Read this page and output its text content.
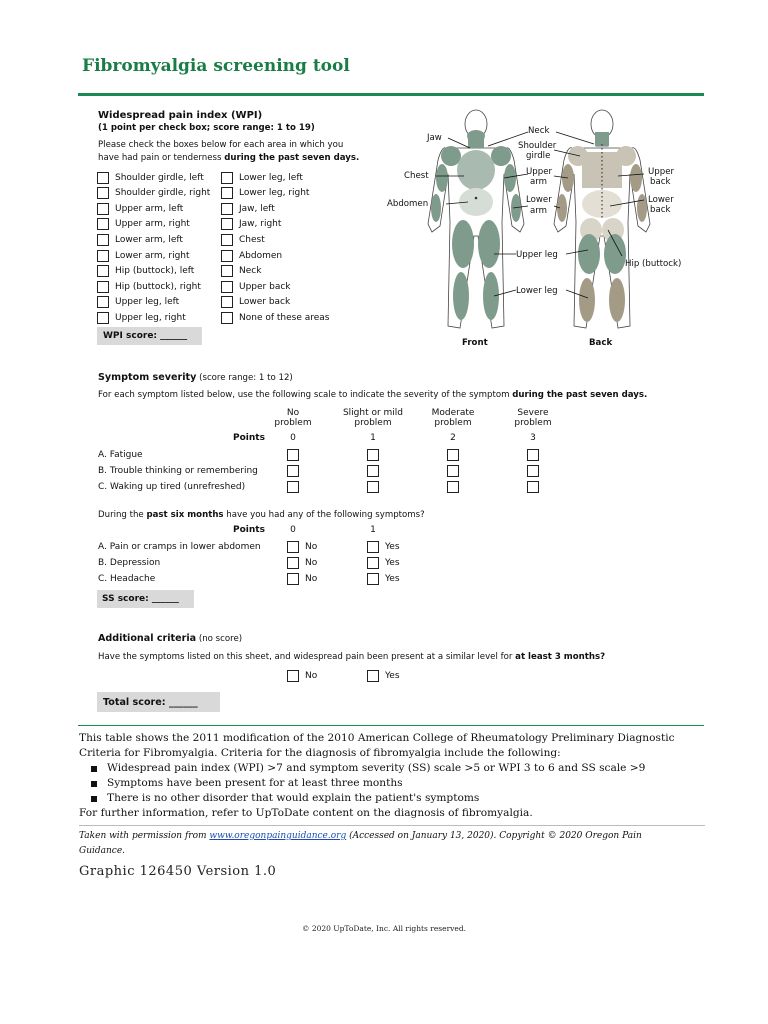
Fibromyalgia screening tool
Widespread pain index (WPI)
(1 point per check box; score range: 1 to 19)
Please check the boxes below for each area in which you
have had pain or tenderness during the past seven days.
Shoulder girdle, left
Shoulder girdle, right
Upper arm, left
Upper arm, right
Lower arm, left
Lower arm, right
Hip (buttock), left
Hip (buttock), right
Upper leg, left
Upper leg, right
Lower leg, left
Lower leg, right
Jaw, left
Jaw, right
Chest
Abdomen
Neck
Upper back
Lower back
None of these areas
WPI score: ______
Jaw
Neck
Shoulder
girdle
Chest	Upper
arm
Abdomen	Lower
arm
Upper
back
Lower
back
Upper leg
Hip (buttock)
Lower leg
Front	Back
Symptom severity (score range: 1 to 12)
For each symptom listed below, use the following scale to indicate the severity of the symptom during the past seven days.
No
problem
Slight or mild
problem
Moderate
problem
Severe
problem
Points	0	1	2	3
A. Fatigue
B. Trouble thinking or remembering
C. Waking up tired (unrefreshed)
During the past six months have you had any of the following symptoms?
Points	0	1
A. Pain or cramps in lower abdomen	No	Yes
B. Depression	No	Yes
C. Headache	No	Yes
SS score: ______
Additional criteria (no score)
Have the symptoms listed on this sheet, and widespread pain been present at a similar level for at least 3 months?
No	Yes
Total score: ______
This table shows the 2011 modification of the 2010 American College of Rheumatology Preliminary Diagnostic Criteria for Fibromyalgia. Criteria for the diagnosis of fibromyalgia include the following:
Widespread pain index (WPI) >7 and symptom severity (SS) scale >5 or WPI 3 to 6 and SS scale >9
Symptoms have been present for at least three months
There is no other disorder that would explain the patient's symptoms
For further information, refer to UpToDate content on the diagnosis of fibromyalgia.
Taken with permission from www.oregonpainguidance.org (Accessed on January 13, 2020). Copyright © 2020 Oregon Pain Guidance.
Graphic 126450 Version 1.0
© 2020 UpToDate, Inc. All rights reserved.
